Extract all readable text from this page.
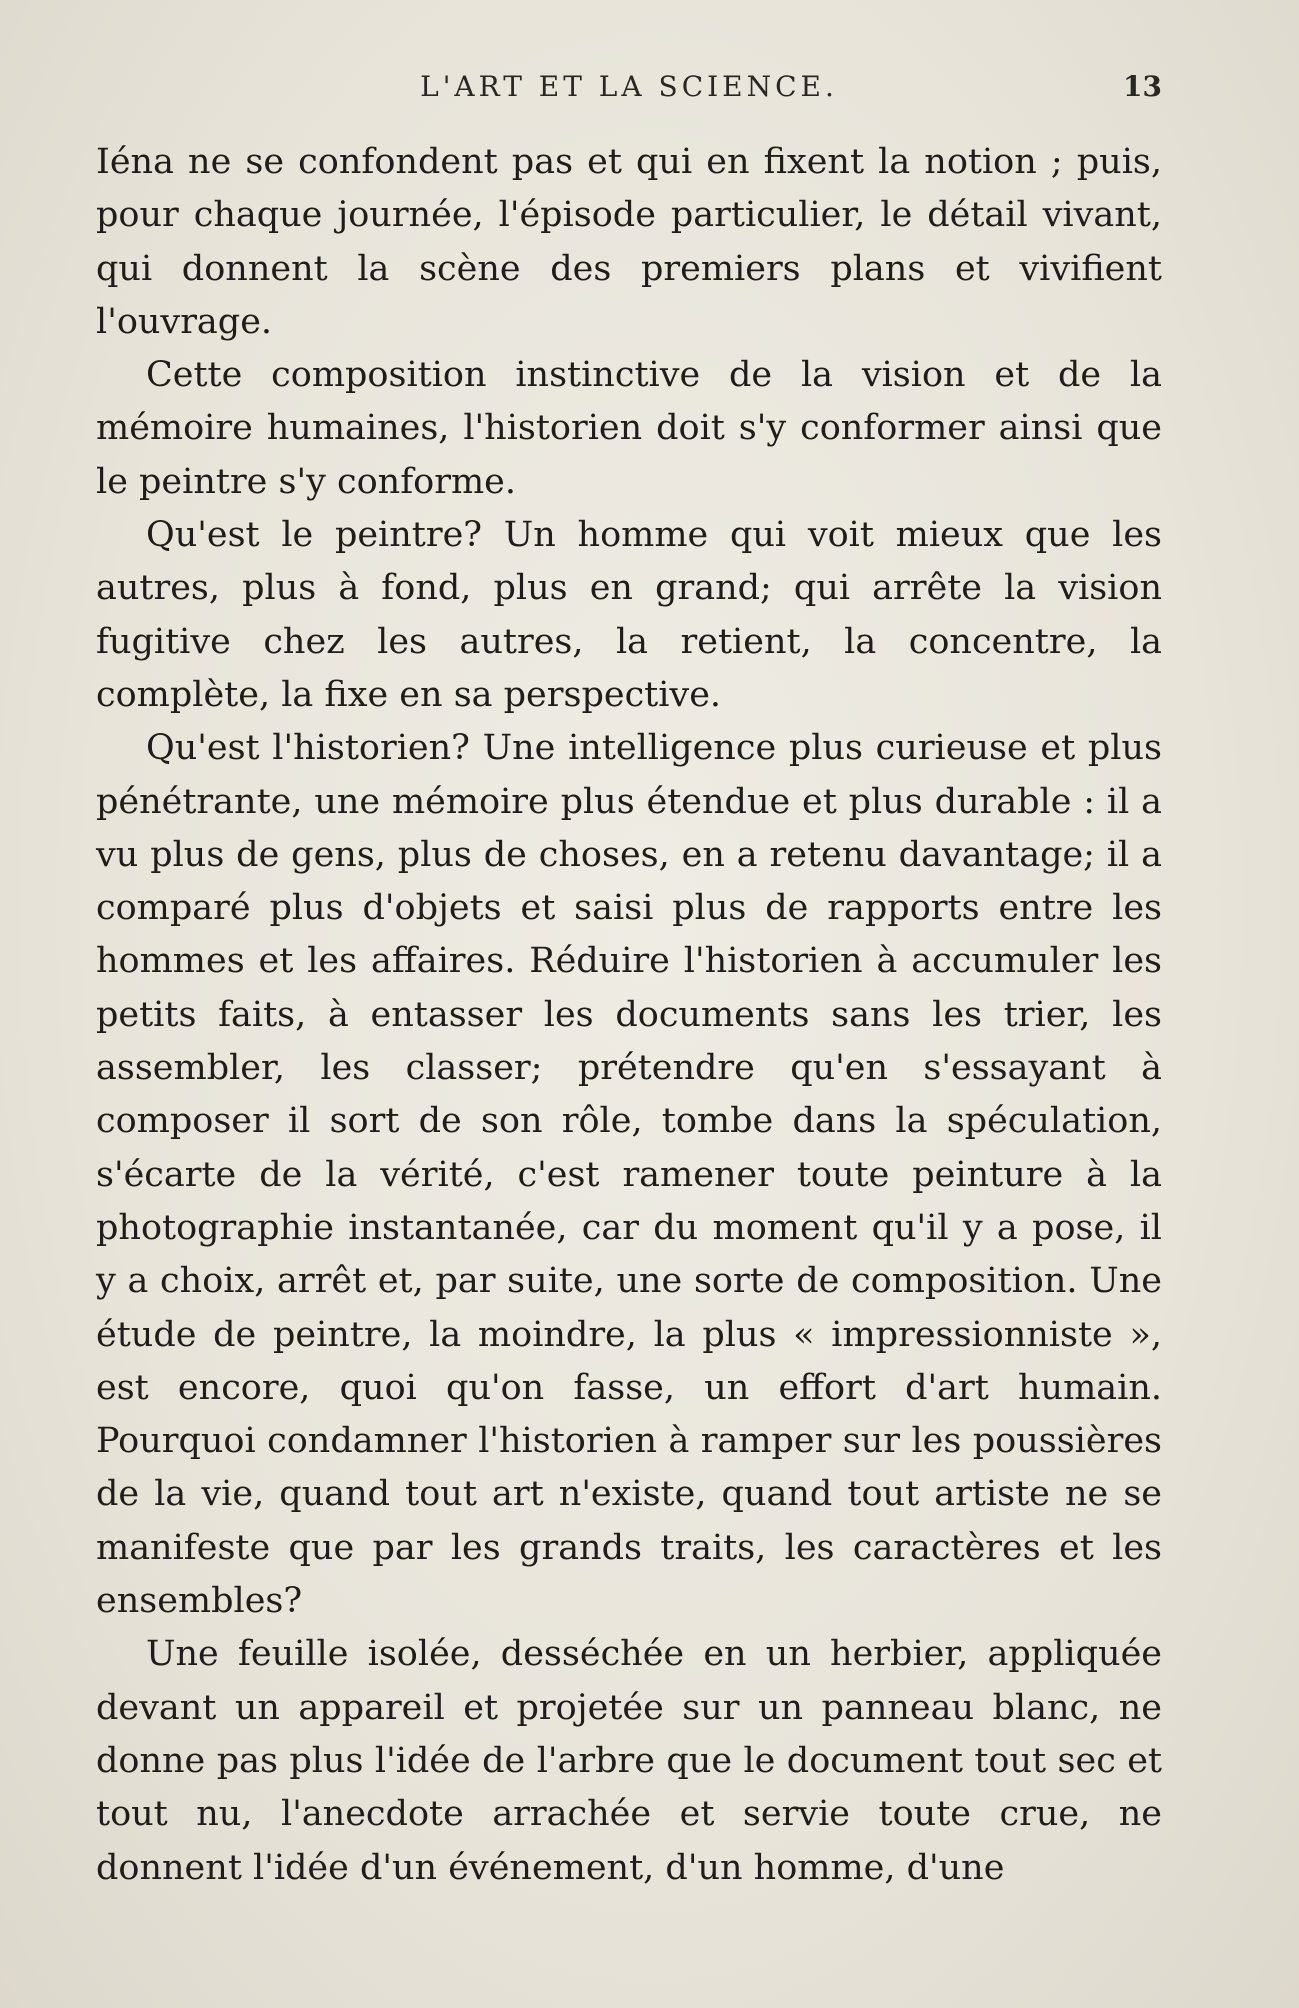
L'ART ET LA SCIENCE.	13

Iéna ne se confondent pas et qui en fixent la notion ; puis, pour chaque journée, l'épisode particulier, le détail vivant, qui donnent la scène des premiers plans et vivifient l'ouvrage.

Cette composition instinctive de la vision et de la mémoire humaines, l'historien doit s'y conformer ainsi que le peintre s'y conforme.

Qu'est le peintre? Un homme qui voit mieux que les autres, plus à fond, plus en grand; qui arrête la vision fugitive chez les autres, la retient, la concentre, la complète, la fixe en sa perspective.

Qu'est l'historien? Une intelligence plus curieuse et plus pénétrante, une mémoire plus étendue et plus durable : il a vu plus de gens, plus de choses, en a retenu davantage; il a comparé plus d'objets et saisi plus de rapports entre les hommes et les affaires. Réduire l'historien à accumuler les petits faits, à entasser les documents sans les trier, les assembler, les classer; prétendre qu'en s'essayant à composer il sort de son rôle, tombe dans la spéculation, s'écarte de la vérité, c'est ramener toute peinture à la photographie instantanée, car du moment qu'il y a pose, il y a choix, arrêt et, par suite, une sorte de composition. Une étude de peintre, la moindre, la plus « impressionniste », est encore, quoi qu'on fasse, un effort d'art humain. Pourquoi condamner l'historien à ramper sur les poussières de la vie, quand tout art n'existe, quand tout artiste ne se manifeste que par les grands traits, les caractères et les ensembles?

Une feuille isolée, desséchée en un herbier, appliquée devant un appareil et projetée sur un panneau blanc, ne donne pas plus l'idée de l'arbre que le document tout sec et tout nu, l'anecdote arrachée et servie toute crue, ne donnent l'idée d'un événement, d'un homme, d'une
